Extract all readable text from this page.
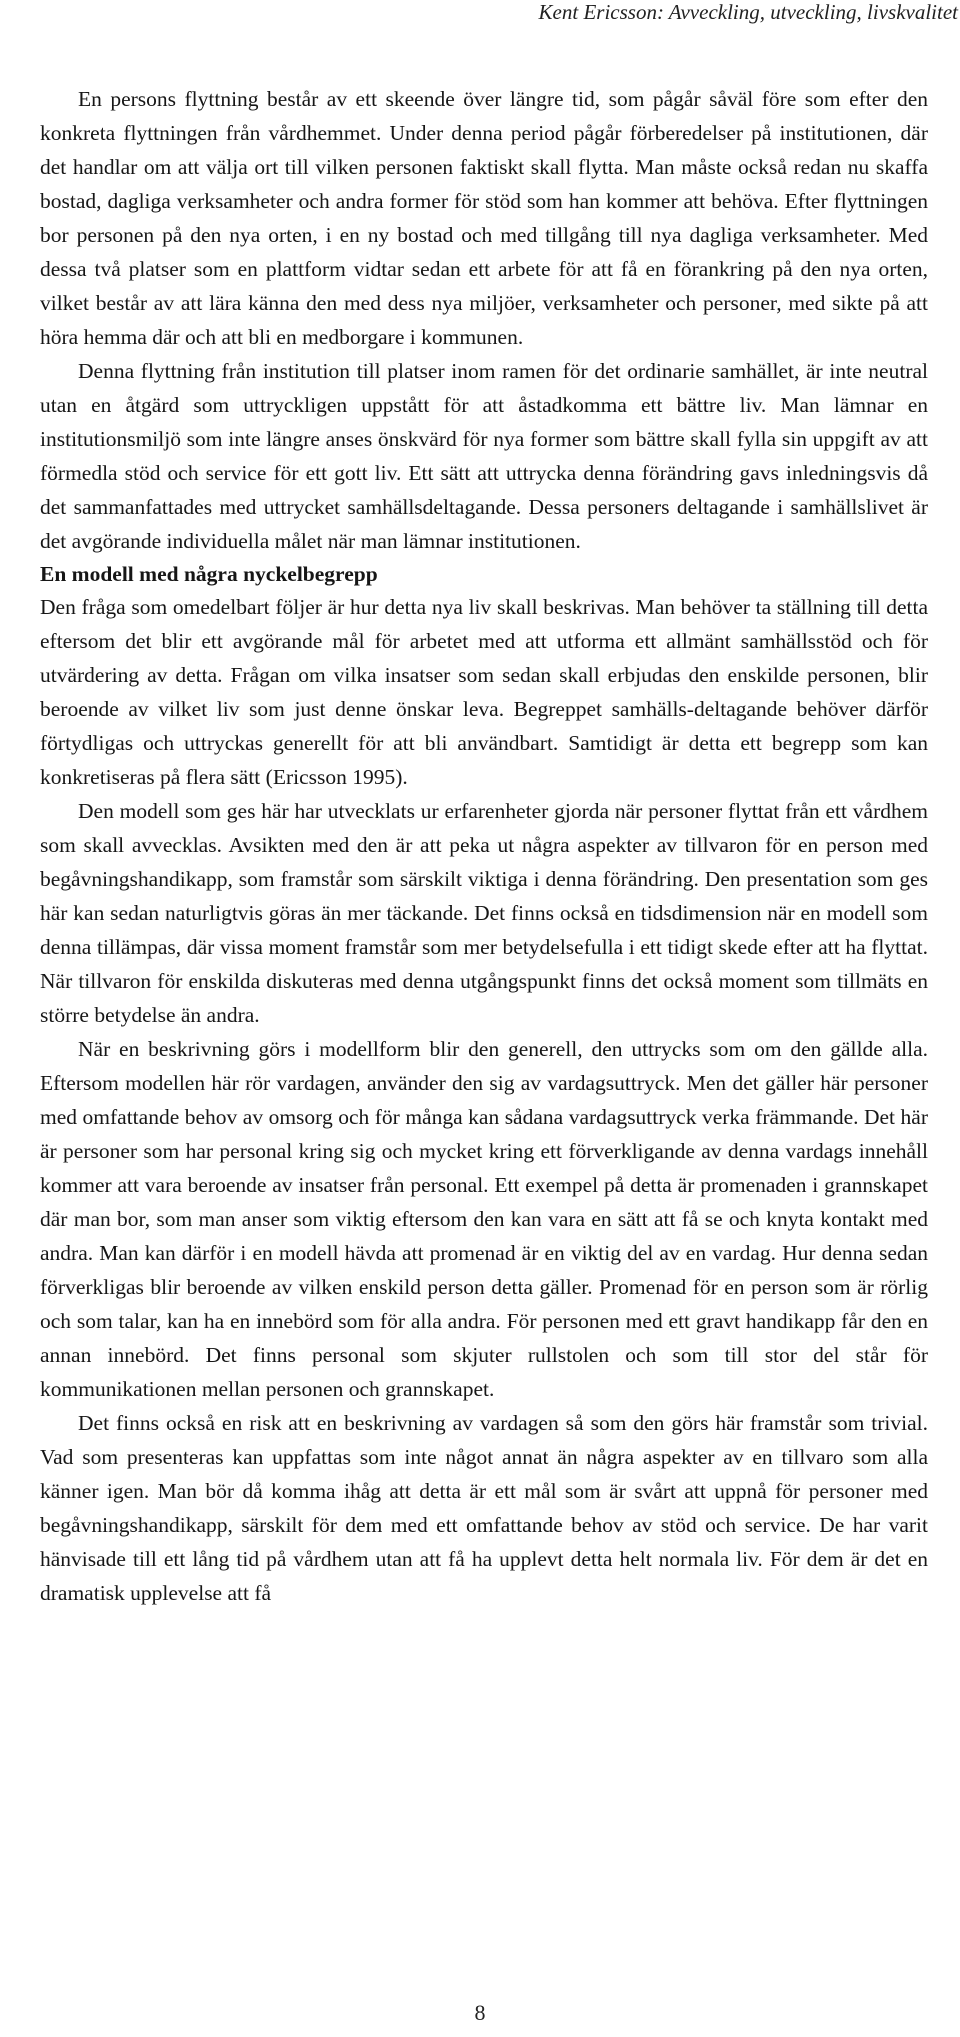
Kent Ericsson: Avveckling, utveckling, livskvalitet

En persons flyttning består av ett skeende över längre tid, som pågår såväl före som efter den konkreta flyttningen från vårdhemmet. Under denna period pågår förberedelser på institutionen, där det handlar om att välja ort till vilken personen faktiskt skall flytta. Man måste också redan nu skaffa bostad, dagliga verksamheter och andra former för stöd som han kommer att behöva. Efter flyttningen bor personen på den nya orten, i en ny bostad och med tillgång till nya dagliga verksamheter. Med dessa två platser som en plattform vidtar sedan ett arbete för att få en förankring på den nya orten, vilket består av att lära känna den med dess nya miljöer, verksamheter och personer, med sikte på att höra hemma där och att bli en medborgare i kommunen.

Denna flyttning från institution till platser inom ramen för det ordinarie samhället, är inte neutral utan en åtgärd som uttryckligen uppstått för att åstadkomma ett bättre liv. Man lämnar en institutionsmiljö som inte längre anses önskvärd för nya former som bättre skall fylla sin uppgift av att förmedla stöd och service för ett gott liv. Ett sätt att uttrycka denna förändring gavs inledningsvis då det sammanfattades med uttrycket samhällsdeltagande. Dessa personers deltagande i samhällslivet är det avgörande individuella målet när man lämnar institutionen.

En modell med några nyckelbegrepp

Den fråga som omedelbart följer är hur detta nya liv skall beskrivas. Man behöver ta ställning till detta eftersom det blir ett avgörande mål för arbetet med att utforma ett allmänt samhällsstöd och för utvärdering av detta. Frågan om vilka insatser som sedan skall erbjudas den enskilde personen, blir beroende av vilket liv som just denne önskar leva. Begreppet samhälls-deltagande behöver därför förtydligas och uttryckas generellt för att bli användbart. Samtidigt är detta ett begrepp som kan konkretiseras på flera sätt (Ericsson 1995).

Den modell som ges här har utvecklats ur erfarenheter gjorda när personer flyttat från ett vårdhem som skall avvecklas. Avsikten med den är att peka ut några aspekter av tillvaron för en person med begåvningshandikapp, som framstår som särskilt viktiga i denna förändring. Den presentation som ges här kan sedan naturligtvis göras än mer täckande. Det finns också en tidsdimension när en modell som denna tillämpas, där vissa moment framstår som mer betydelsefulla i ett tidigt skede efter att ha flyttat. När tillvaron för enskilda diskuteras med denna utgångspunkt finns det också moment som tillmäts en större betydelse än andra.

När en beskrivning görs i modellform blir den generell, den uttrycks som om den gällde alla. Eftersom modellen här rör vardagen, använder den sig av vardagsuttryck. Men det gäller här personer med omfattande behov av omsorg och för många kan sådana vardagsuttryck verka främmande. Det här är personer som har personal kring sig och mycket kring ett förverkligande av denna vardags innehåll kommer att vara beroende av insatser från personal. Ett exempel på detta är promenaden i grannskapet där man bor, som man anser som viktig eftersom den kan vara en sätt att få se och knyta kontakt med andra. Man kan därför i en modell hävda att promenad är en viktig del av en vardag. Hur denna sedan förverkligas blir beroende av vilken enskild person detta gäller. Promenad för en person som är rörlig och som talar, kan ha en innebörd som för alla andra. För personen med ett gravt handikapp får den en annan innebörd. Det finns personal som skjuter rullstolen och som till stor del står för kommunikationen mellan personen och grannskapet.

Det finns också en risk att en beskrivning av vardagen så som den görs här framstår som trivial. Vad som presenteras kan uppfattas som inte något annat än några aspekter av en tillvaro som alla känner igen. Man bör då komma ihåg att detta är ett mål som är svårt att uppnå för personer med begåvningshandikapp, särskilt för dem med ett omfattande behov av stöd och service. De har varit hänvisade till ett lång tid på vårdhem utan att få ha upplevt detta helt normala liv. För dem är det en dramatisk upplevelse att få

8
